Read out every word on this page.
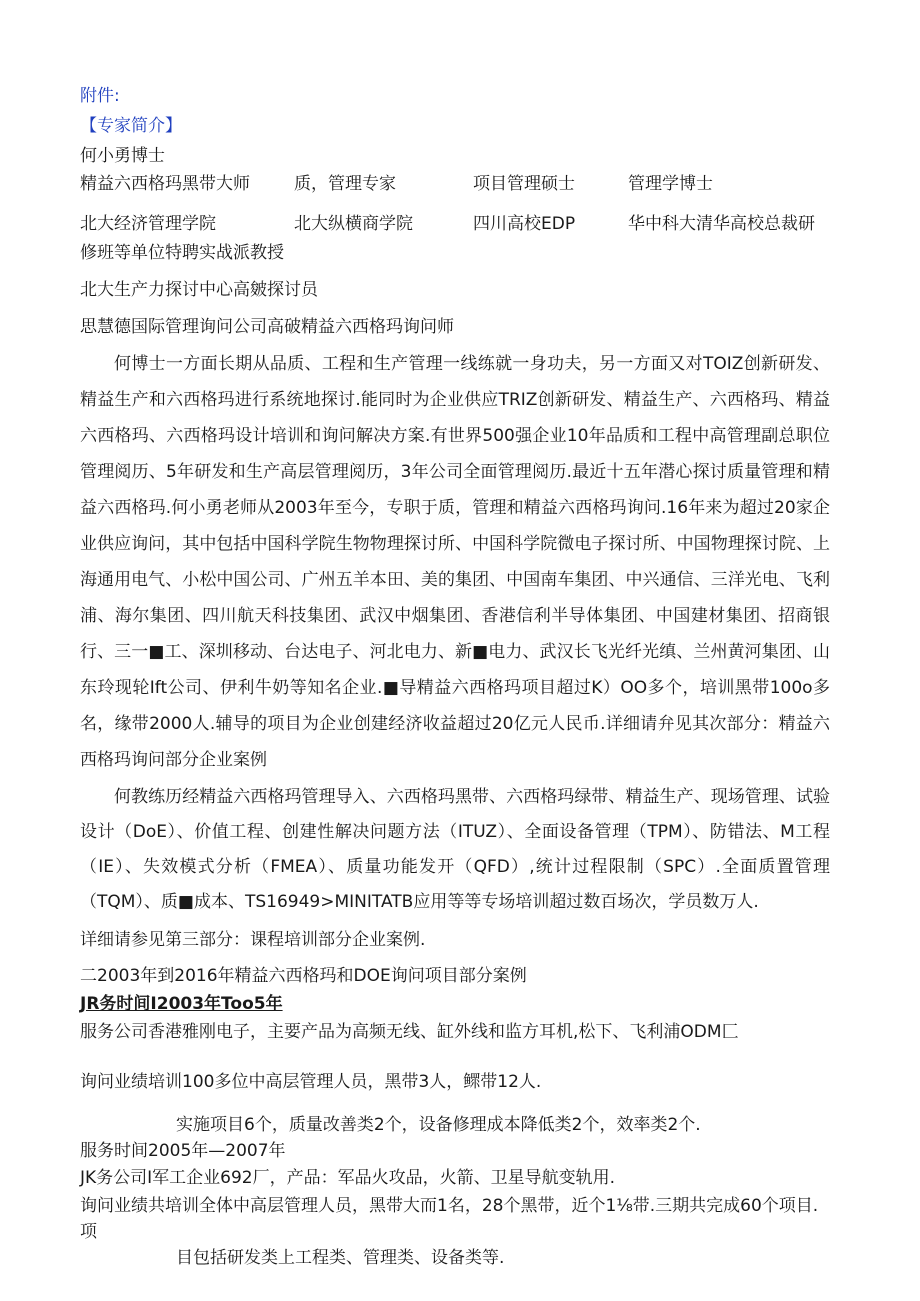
附件:
【专家简介】
何小勇博士
精益六西格玛黑带大师	质，管理专家	项目管理硕士	管理学博士
北大经济管理学院	北大纵横商学院	四川高校EDP	华中科大清华高校总裁研
修班等单位特聘实战派教授
北大生产力探讨中心高皴探讨员
思慧德国际管理询问公司高破精益六西格玛询问师
何博士一方面长期从品质、工程和生产管理一线练就一身功夫，另一方面又对TOIZ创新研发、精益生产和六西格玛进行系统地探讨.能同时为企业供应TRIZ创新研发、精益生产、六西格玛、精益六西格玛、六西格玛设计培训和询问解决方案.有世界500强企业10年品质和工程中高管理副总职位管理阅历、5年研发和生产高层管理阅历，3年公司全面管理阅历.最近十五年潜心探讨质量管理和精益六西格玛.何小勇老师从2003年至今，专职于质，管理和精益六西格玛询问.16年来为超过20家企业供应询问，其中包括中国科学院生物物理探讨所、中国科学院微电子探讨所、中国物理探讨院、上海通用电气、小松中国公司、广州五羊本田、美的集团、中国南车集团、中兴通信、三洋光电、飞利浦、海尔集团、四川航天科技集团、武汉中烟集团、香港信利半导体集团、中国建材集团、招商银行、三一■工、深圳移动、台达电子、河北电力、新■电力、武汉长飞光纤光缜、兰州黄河集团、山东玲现轮Ift公司、伊利牛奶等知名企业.■导精益六西格玛项目超过K）OO多个，培训黑带100o多名，缘带2000人.辅导的项目为企业创建经济收益超过20亿元人民币.详细请弁见其次部分：精益六西格玛询问部分企业案例
何教练历经精益六西格玛管理导入、六西格玛黑带、六西格玛绿带、精益生产、现场管理、试验设计（DoE）、价值工程、创建性解决问题方法（ITUZ）、全面设备管理（TPM）、防错法、M工程（IE）、失效模式分析（FMEA）、质量功能发开（QFD）,统计过程限制（SPC）.全面质置管理（TQM）、质■成本、TS16949>MINITATB应用等等专场培训超过数百场次，学员数万人.
详细请参见第三部分：课程培训部分企业案例.
二2003年到2016年精益六西格玛和DOE询问项目部分案例
JR务时间I2003年Too5年
服务公司香港雅刚电子，主要产品为高频无线、缸外线和监方耳机,松下、飞利浦ODM匚
询问业绩培训100多位中高层管理人员，黑带3人，鳏带12人.
实施项目6个，质量改善类2个，设备修理成本降低类2个，效率类2个.
服务时间2005年—2007年
JK务公司I军工企业692厂，产品：军品火攻品，火箭、卫星导航变轨用.
询问业绩共培训全体中高层管理人员，黑带大而1名，28个黑带，近个1⅛带.三期共完成60个项目.项
目包括研发类上工程类、管理类、设备类等.
